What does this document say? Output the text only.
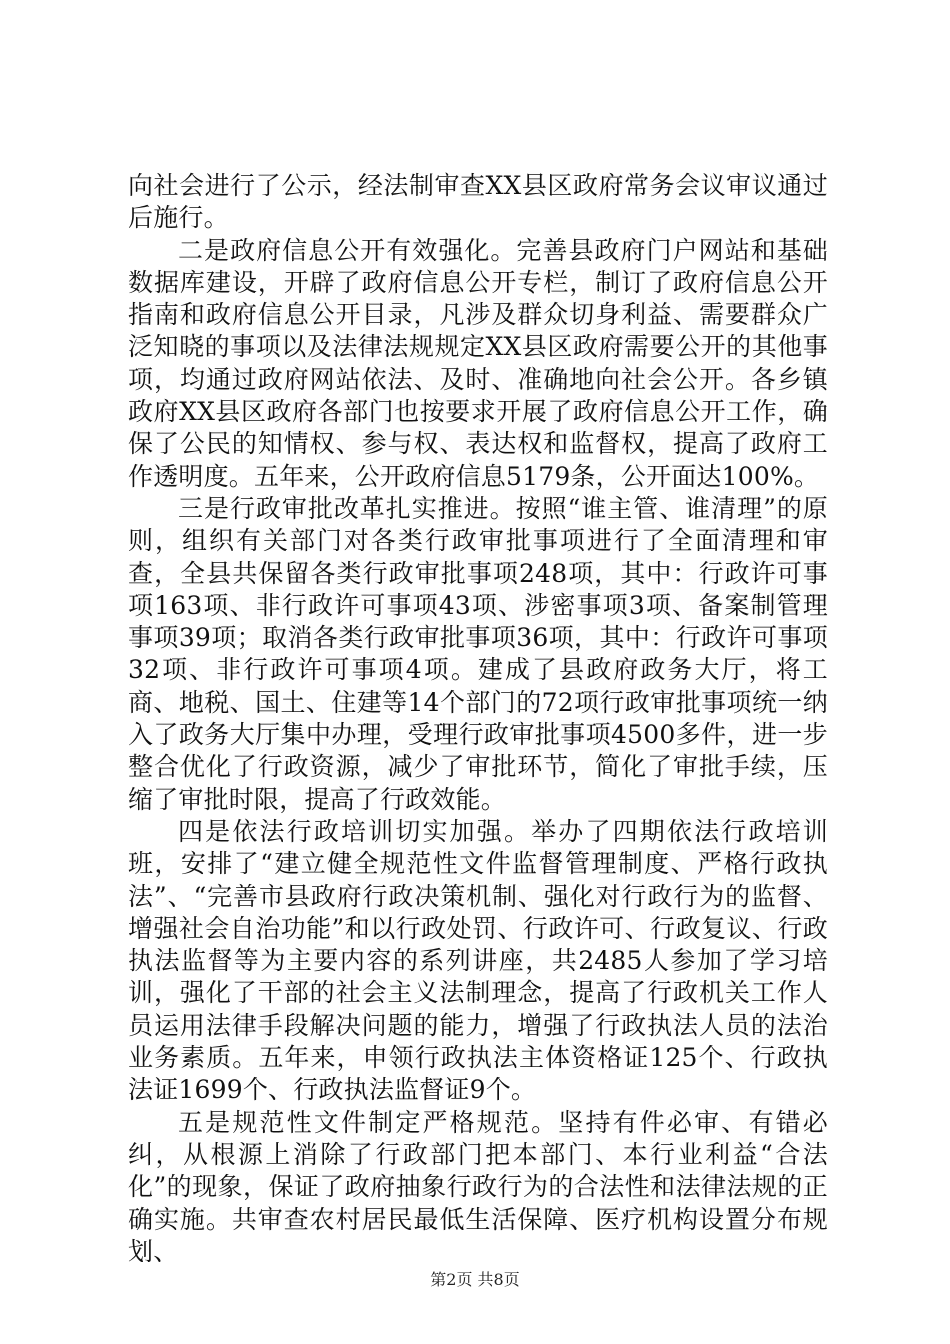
向社会进行了公示，经法制审查XX县区政府常务会议审议通过后施行。

二是政府信息公开有效强化。完善县政府门户网站和基础数据库建设，开辟了政府信息公开专栏，制订了政府信息公开指南和政府信息公开目录，凡涉及群众切身利益、需要群众广泛知晓的事项以及法律法规规定XX县区政府需要公开的其他事项，均通过政府网站依法、及时、准确地向社会公开。各乡镇政府XX县区政府各部门也按要求开展了政府信息公开工作，确保了公民的知情权、参与权、表达权和监督权，提高了政府工作透明度。五年来，公开政府信息5179条，公开面达100%。

三是行政审批改革扎实推进。按照“谁主管、谁清理”的原则，组织有关部门对各类行政审批事项进行了全面清理和审查，全县共保留各类行政审批事项248项，其中：行政许可事项163项、非行政许可事项43项、涉密事项3项、备案制管理事项39项；取消各类行政审批事项36项，其中：行政许可事项32项、非行政许可事项4项。建成了县政府政务大厅，将工商、地税、国土、住建等14个部门的72项行政审批事项统一纳入了政务大厅集中办理，受理行政审批事项4500多件，进一步整合优化了行政资源，减少了审批环节，简化了审批手续，压缩了审批时限，提高了行政效能。

四是依法行政培训切实加强。举办了四期依法行政培训班，安排了“建立健全规范性文件监督管理制度、严格行政执法”、“完善市县政府行政决策机制、强化对行政行为的监督、增强社会自治功能”和以行政处罚、行政许可、行政复议、行政执法监督等为主要内容的系列讲座，共2485人参加了学习培训，强化了干部的社会主义法制理念，提高了行政机关工作人员运用法律手段解决问题的能力，增强了行政执法人员的法治业务素质。五年来，申领行政执法主体资格证125个、行政执法证1699个、行政执法监督证9个。

五是规范性文件制定严格规范。坚持有件必审、有错必纠，从根源上消除了行政部门把本部门、本行业利益“合法化”的现象，保证了政府抽象行政行为的合法性和法律法规的正确实施。共审查农村居民最低生活保障、医疗机构设置分布规划、

第2页 共8页
